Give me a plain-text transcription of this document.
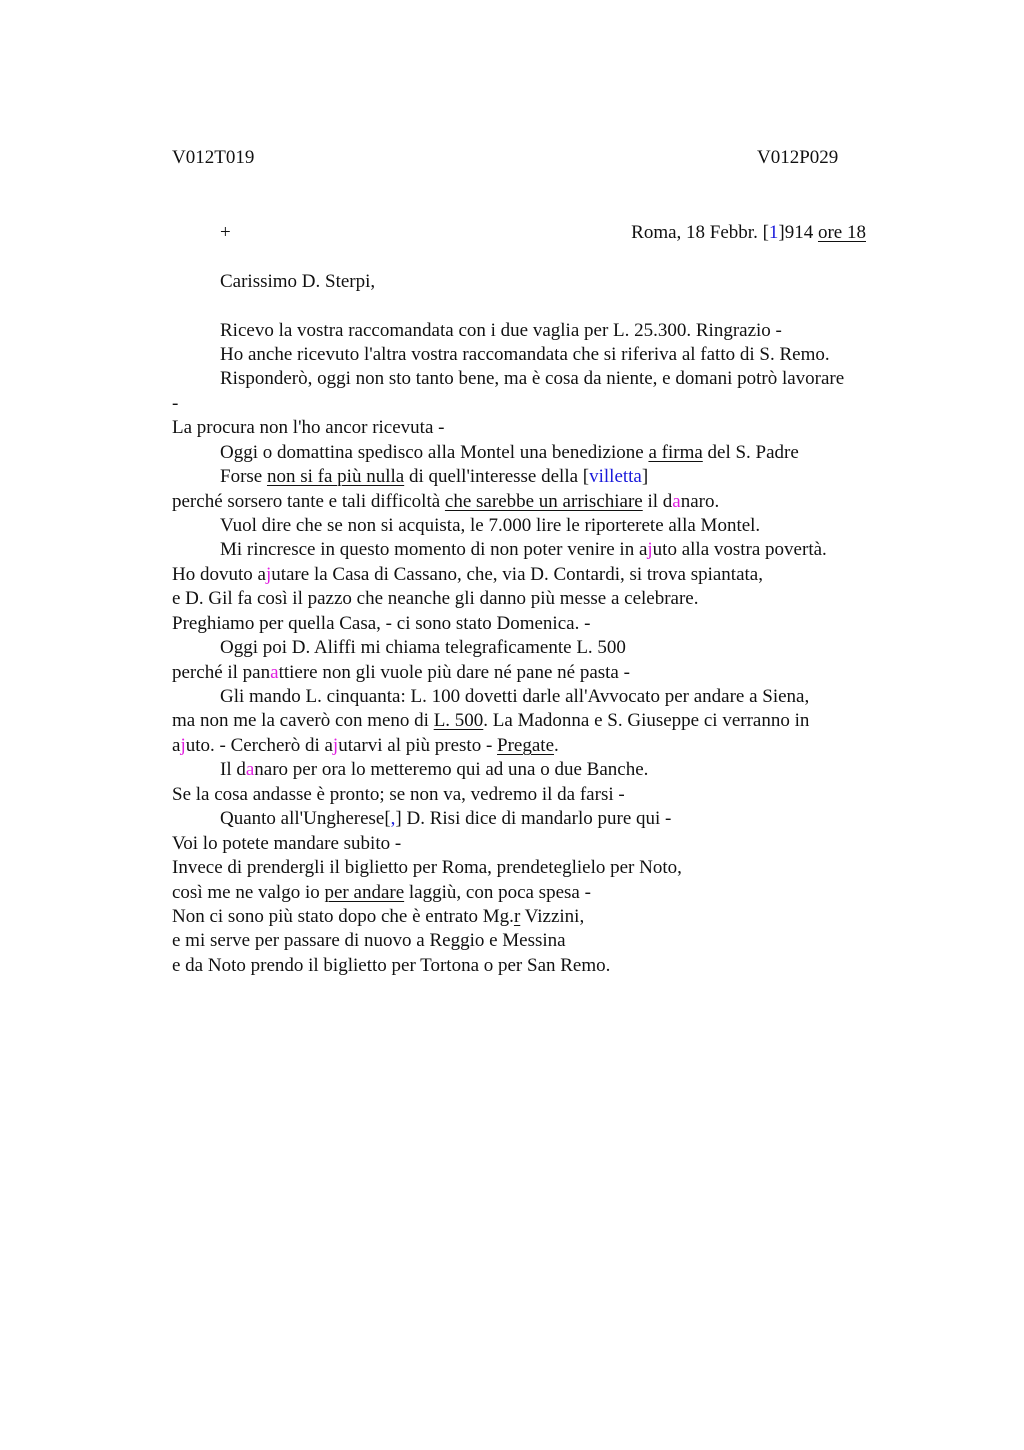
V012T019	V012P029
+	Roma, 18 Febbr. [1]914 ore 18
Carissimo D. Sterpi,
Ricevo la vostra raccomandata con i due vaglia per L. 25.300. Ringrazio -
Ho anche ricevuto l'altra vostra raccomandata che si riferiva al fatto di S. Remo.
Risponderò, oggi non sto tanto bene, ma è cosa da niente, e domani potrò lavorare
-
La procura non l'ho ancor ricevuta -
Oggi o domattina spedisco alla Montel una benedizione a firma del S. Padre
Forse non si fa più nulla di quell'interesse della [villetta]
perché sorsero tante e tali difficoltà che sarebbe un arrischiare il danaro.
Vuol dire che se non si acquista, le 7.000 lire le riporterete alla Montel.
Mi rincresce in questo momento di non poter venire in ajuto alla vostra povertà.
Ho dovuto ajutare la Casa di Cassano, che, via D. Contardi, si trova spiantata,
e D. Gil fa così il pazzo che neanche gli danno più messe a celebrare.
Preghiamo per quella Casa, - ci sono stato Domenica. -
Oggi poi D. Aliffi mi chiama telegraficamente L. 500
perché il panattiere non gli vuole più dare né pane né pasta -
Gli mando L. cinquanta: L. 100 dovetti darle all'Avvocato per andare a Siena,
ma non me la caverò con meno di L. 500. La Madonna e S. Giuseppe ci verranno in
ajuto. - Cercherò di ajutarvi al più presto - Pregate.
Il danaro per ora lo metteremo qui ad una o due Banche.
Se la cosa andasse è pronto; se non va, vedremo il da farsi -
Quanto all'Ungherese[,] D. Risi dice di mandarlo pure qui -
Voi lo potete mandare subito -
Invece di prendergli il biglietto per Roma, prendeteglielo per Noto,
così me ne valgo io per andare laggiù, con poca spesa -
Non ci sono più stato dopo che è entrato Mg.r Vizzini,
e mi serve per passare di nuovo a Reggio e Messina
e da Noto prendo il biglietto per Tortona o per San Remo.
